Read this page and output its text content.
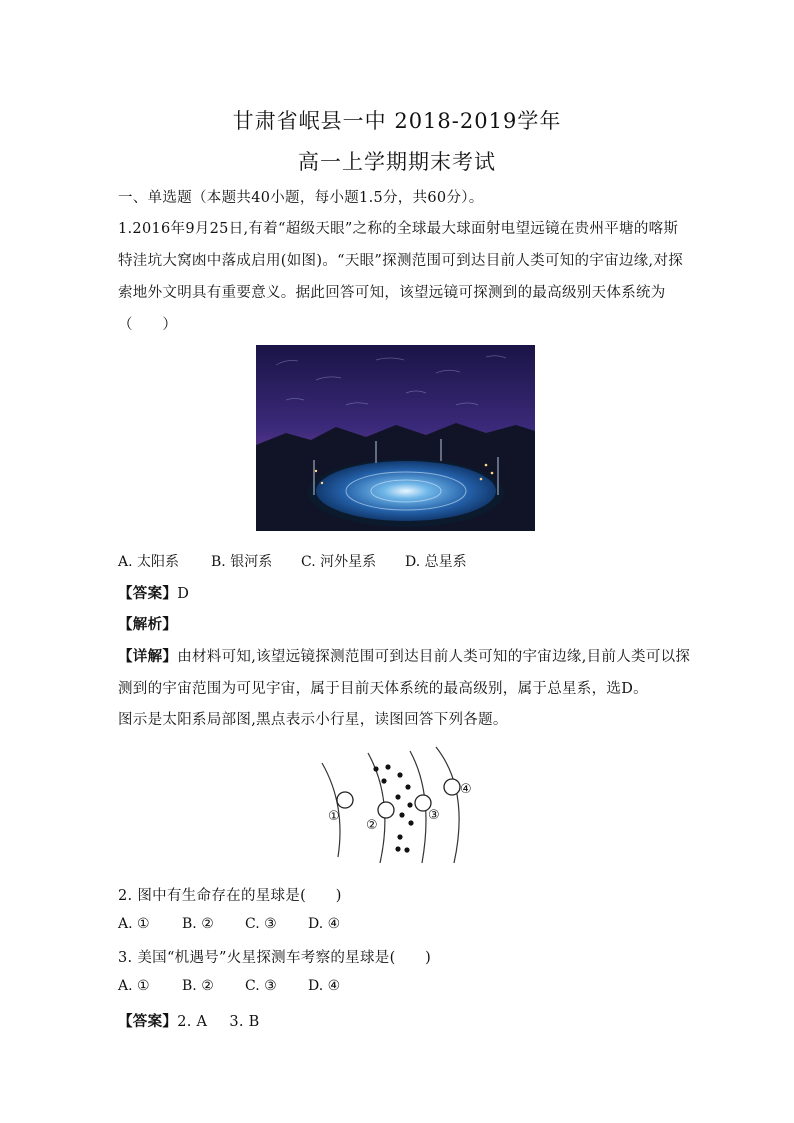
甘肃省岷县一中 2018-2019学年
高一上学期期末考试
一、单选题（本题共40小题，每小题1.5分，共60分）。
1.2016年9月25日,有着“超级天眼”之称的全球最大球面射电望远镜在贵州平塘的喀斯
特洼坑大窝凼中落成启用(如图)。“天眼”探测范围可到达目前人类可知的宇宙边缘,对探
索地外文明具有重要意义。据此回答可知，该望远镜可探测到的最高级别天体系统为
（　　）
A. 太阳系 B. 银河系 C. 河外星系 D. 总星系
【答案】D
【解析】
【详解】由材料可知,该望远镜探测范围可到达目前人类可知的宇宙边缘,目前人类可以探
测到的宇宙范围为可见宇宙，属于目前天体系统的最高级别，属于总星系，选D。
图示是太阳系局部图,黑点表示小行星，读图回答下列各题。
①
②
③
④
2. 图中有生命存在的星球是(　　)
A. ① B. ② C. ③ D. ④
3. 美国“机遇号”火星探测车考察的星球是(　　)
A. ① B. ② C. ③ D. ④
【答案】2. A 3. B
